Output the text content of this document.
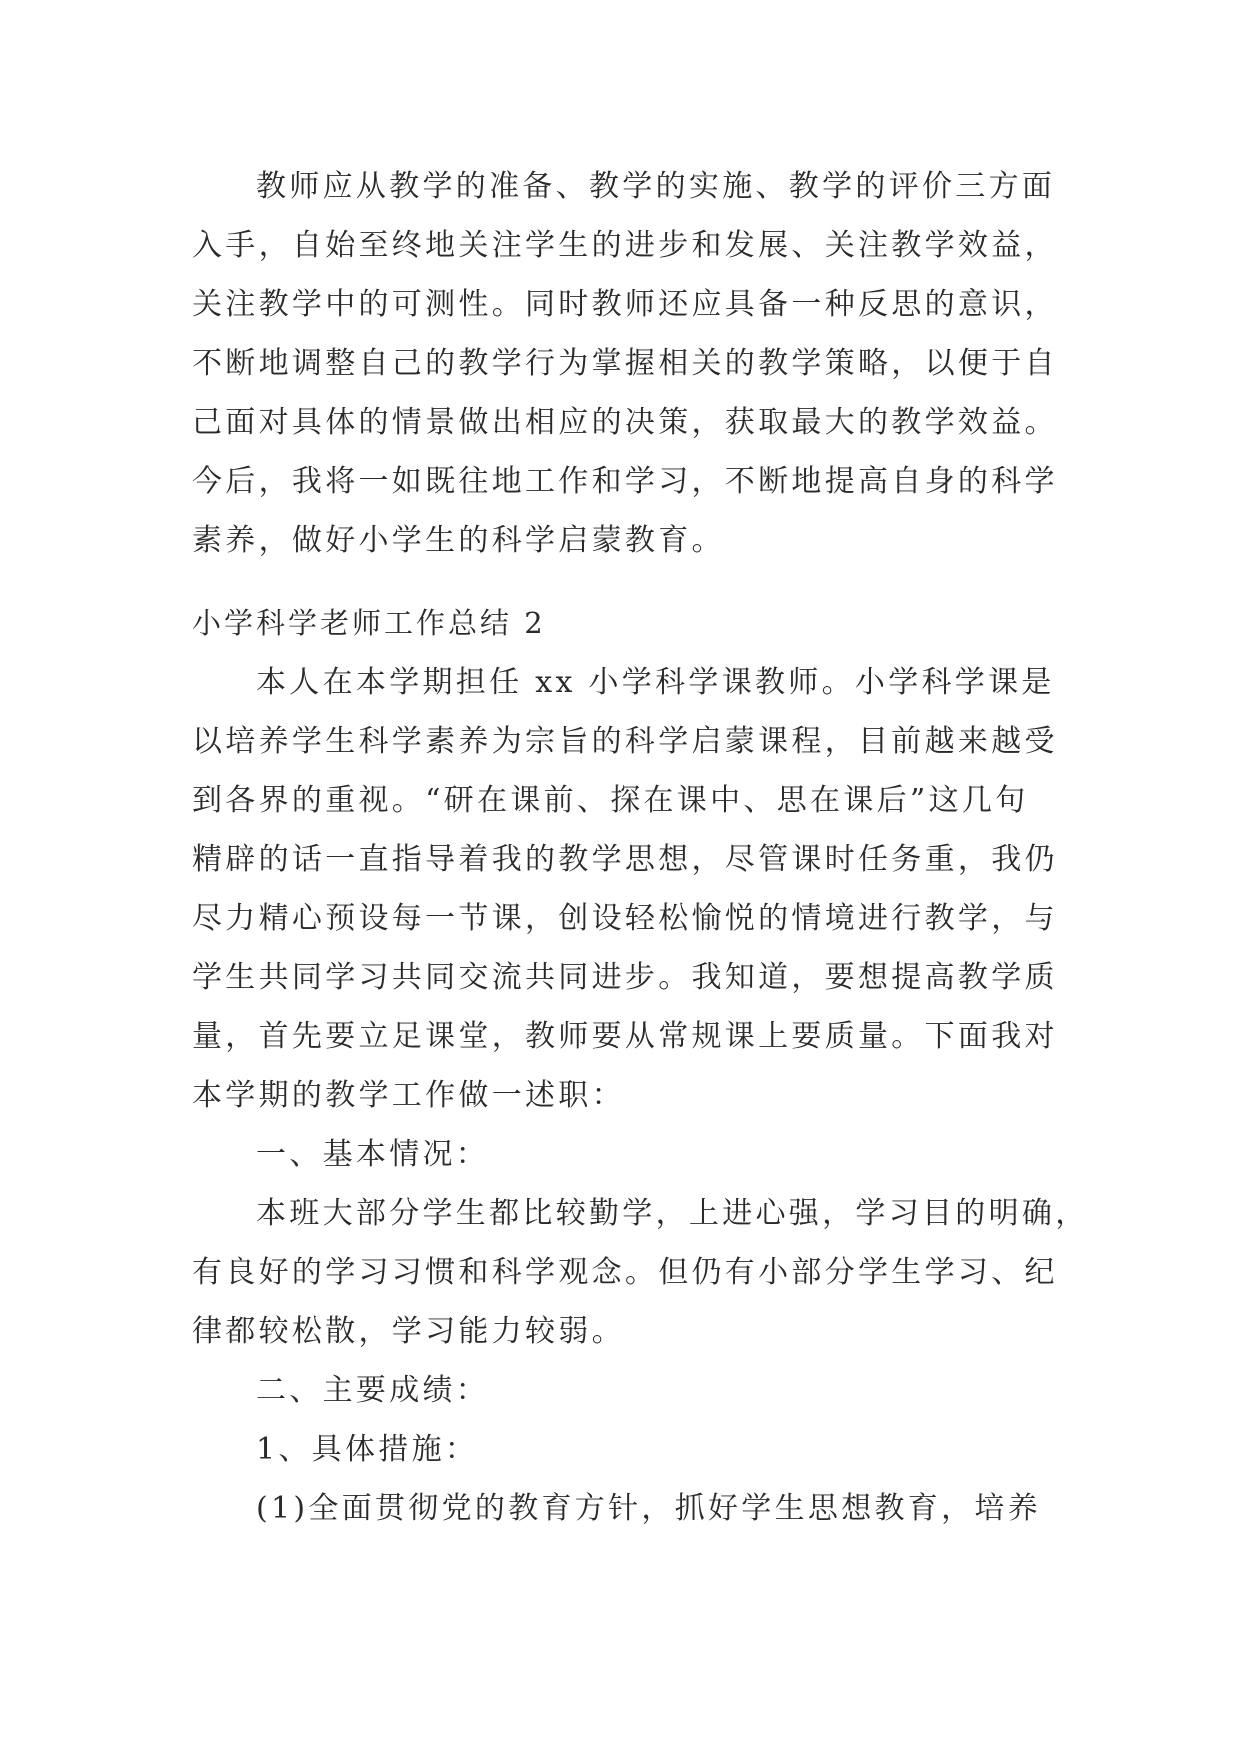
教师应从教学的准备、教学的实施、教学的评价三方面
入手，自始至终地关注学生的进步和发展、关注教学效益，
关注教学中的可测性。同时教师还应具备一种反思的意识，
不断地调整自己的教学行为掌握相关的教学策略，以便于自
己面对具体的情景做出相应的决策，获取最大的教学效益。
今后，我将一如既往地工作和学习，不断地提高自身的科学
素养，做好小学生的科学启蒙教育。
小学科学老师工作总结 2
本人在本学期担任 xx 小学科学课教师。小学科学课是
以培养学生科学素养为宗旨的科学启蒙课程，目前越来越受
到各界的重视。“研在课前、探在课中、思在课后”这几句
精辟的话一直指导着我的教学思想，尽管课时任务重，我仍
尽力精心预设每一节课，创设轻松愉悦的情境进行教学，与
学生共同学习共同交流共同进步。我知道，要想提高教学质
量，首先要立足课堂，教师要从常规课上要质量。下面我对
本学期的教学工作做一述职：
一、基本情况：
本班大部分学生都比较勤学，上进心强，学习目的明确，
有良好的学习习惯和科学观念。但仍有小部分学生学习、纪
律都较松散，学习能力较弱。
二、主要成绩：
1、具体措施：
(1)全面贯彻党的教育方针，抓好学生思想教育，培养
